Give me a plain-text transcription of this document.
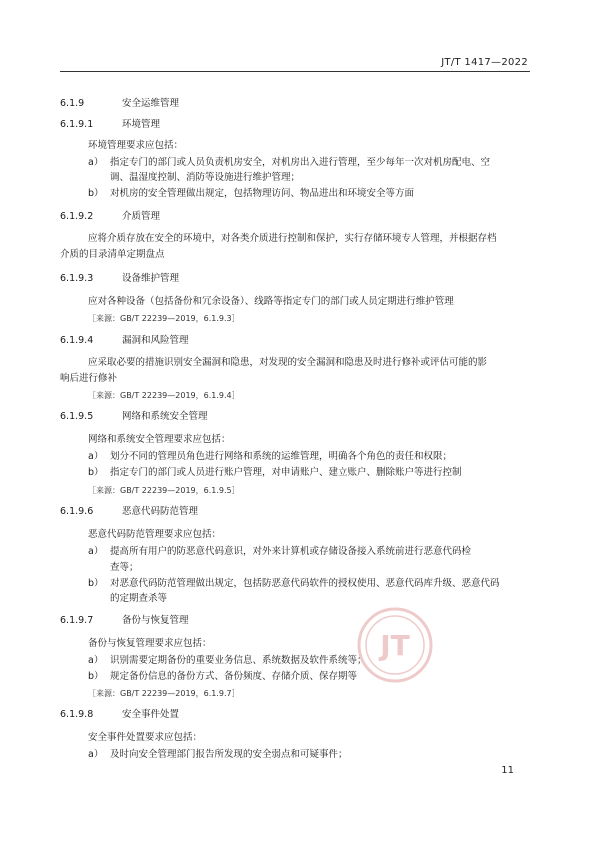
JT/T 1417—2022
6.1.9	安全运维管理
6.1.9.1	环境管理
环境管理要求应包括：
a） 指定专门的部门或人员负责机房安全，对机房出入进行管理，至少每年一次对机房配电、空
调、温湿度控制、消防等设施进行维护管理；
b） 对机房的安全管理做出规定，包括物理访问、物品进出和环境安全等方面
6.1.9.2	介质管理
应将介质存放在安全的环境中，对各类介质进行控制和保护，实行存储环境专人管理，并根据存档
介质的目录清单定期盘点
6.1.9.3	设备维护管理
应对各种设备（包括备份和冗余设备）、线路等指定专门的部门或人员定期进行维护管理
［来源：GB/T 22239—2019，6.1.9.3］
6.1.9.4	漏洞和风险管理
应采取必要的措施识别安全漏洞和隐患，对发现的安全漏洞和隐患及时进行修补或评估可能的影
响后进行修补
［来源：GB/T 22239—2019，6.1.9.4］
6.1.9.5	网络和系统安全管理
网络和系统安全管理要求应包括：
a） 划分不同的管理员角色进行网络和系统的运维管理，明确各个角色的责任和权限；
b） 指定专门的部门或人员进行账户管理，对申请账户、建立账户、删除账户等进行控制
［来源：GB/T 22239—2019，6.1.9.5］
6.1.9.6	恶意代码防范管理
恶意代码防范管理要求应包括：
a） 提高所有用户的防恶意代码意识，对外来计算机或存储设备接入系统前进行恶意代码检
查等；
b） 对恶意代码防范管理做出规定，包括防恶意代码软件的授权使用、恶意代码库升级、恶意代码
的定期查杀等
6.1.9.7	备份与恢复管理
备份与恢复管理要求应包括：
a） 识别需要定期备份的重要业务信息、系统数据及软件系统等；
b） 规定备份信息的备份方式、备份频度、存储介质、保存期等
［来源：GB/T 22239—2019，6.1.9.7］
6.1.9.8	安全事件处置
安全事件处置要求应包括：
a） 及时向安全管理部门报告所发现的安全弱点和可疑事件；
JT
11
